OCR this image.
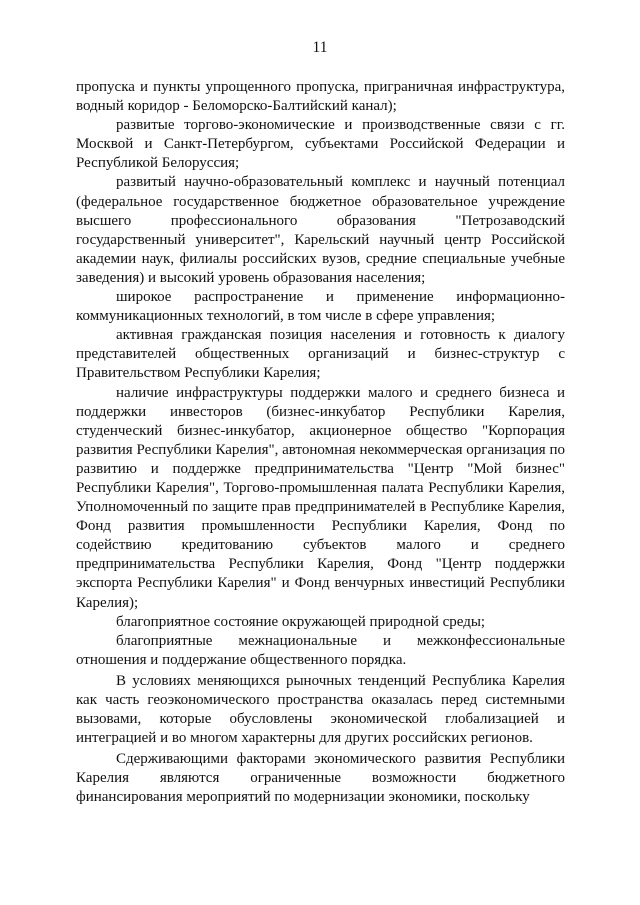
11

пропуска и пункты упрощенного пропуска, приграничная инфраструктура, водный коридор - Беломорско-Балтийский канал);

развитые торгово-экономические и производственные связи с гг. Москвой и Санкт-Петербургом, субъектами Российской Федерации и Республикой Белоруссия;

развитый научно-образовательный комплекс и научный потенциал (федеральное государственное бюджетное образовательное учреждение высшего профессионального образования "Петрозаводский государственный университет", Карельский научный центр Российской академии наук, филиалы российских вузов, средние специальные учебные заведения) и высокий уровень образования населения;

широкое распространение и применение информационно-коммуникационных технологий, в том числе в сфере управления;

активная гражданская позиция населения и готовность к диалогу представителей общественных организаций и бизнес-структур с Правительством Республики Карелия;

наличие инфраструктуры поддержки малого и среднего бизнеса и поддержки инвесторов (бизнес-инкубатор Республики Карелия, студенческий бизнес-инкубатор, акционерное общество "Корпорация развития Республики Карелия", автономная некоммерческая организация по развитию и поддержке предпринимательства "Центр "Мой бизнес" Республики Карелия", Торгово-промышленная палата Республики Карелия, Уполномоченный по защите прав предпринимателей в Республике Карелия, Фонд развития промышленности Республики Карелия, Фонд по содействию кредитованию субъектов малого и среднего предпринимательства Республики Карелия, Фонд "Центр поддержки экспорта Республики Карелия" и Фонд венчурных инвестиций Республики Карелия);

благоприятное состояние окружающей природной среды;

благоприятные межнациональные и межконфессиональные отношения и поддержание общественного порядка.

В условиях меняющихся рыночных тенденций Республика Карелия как часть геоэкономического пространства оказалась перед системными вызовами, которые обусловлены экономической глобализацией и интеграцией и во многом характерны для других российских регионов.

Сдерживающими факторами экономического развития Республики Карелия являются ограниченные возможности бюджетного финансирования мероприятий по модернизации экономики, поскольку
